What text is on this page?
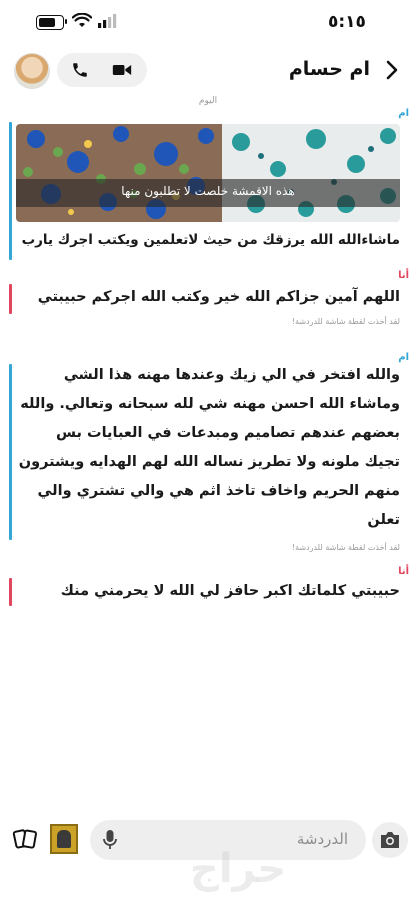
٥:١٥
ام حسام
اليوم
ام
هذه الاقمشة خلصت لا تطلبون منها
ماشاءالله الله يرزقك من حيث لاتعلمين ويكتب اجرك يارب
أنا
اللهم آمين جزاكم الله خير وكتب الله اجركم حبيبتي
لقد أخذت لقطة شاشة للدردشة!
ام
والله افتخر في الي زيك وعندها مهنه هذا الشي
وماشاء الله احسن مهنه شي لله سبحانه وتعالي. والله
بعضهم عندهم تصاميم ومبدعات في العبايات بس
تجيك ملونه ولا تطريز نساله الله لهم الهدايه ويشترون
منهم الحريم واخاف تاخذ اثم هي والي تشتري والي
تعلن
لقد أخذت لقطة شاشة للدردشة!
أنا
حبيبتي كلماتك اكبر حافز لي الله لا يحرمني منك
الدردشة
حراج
